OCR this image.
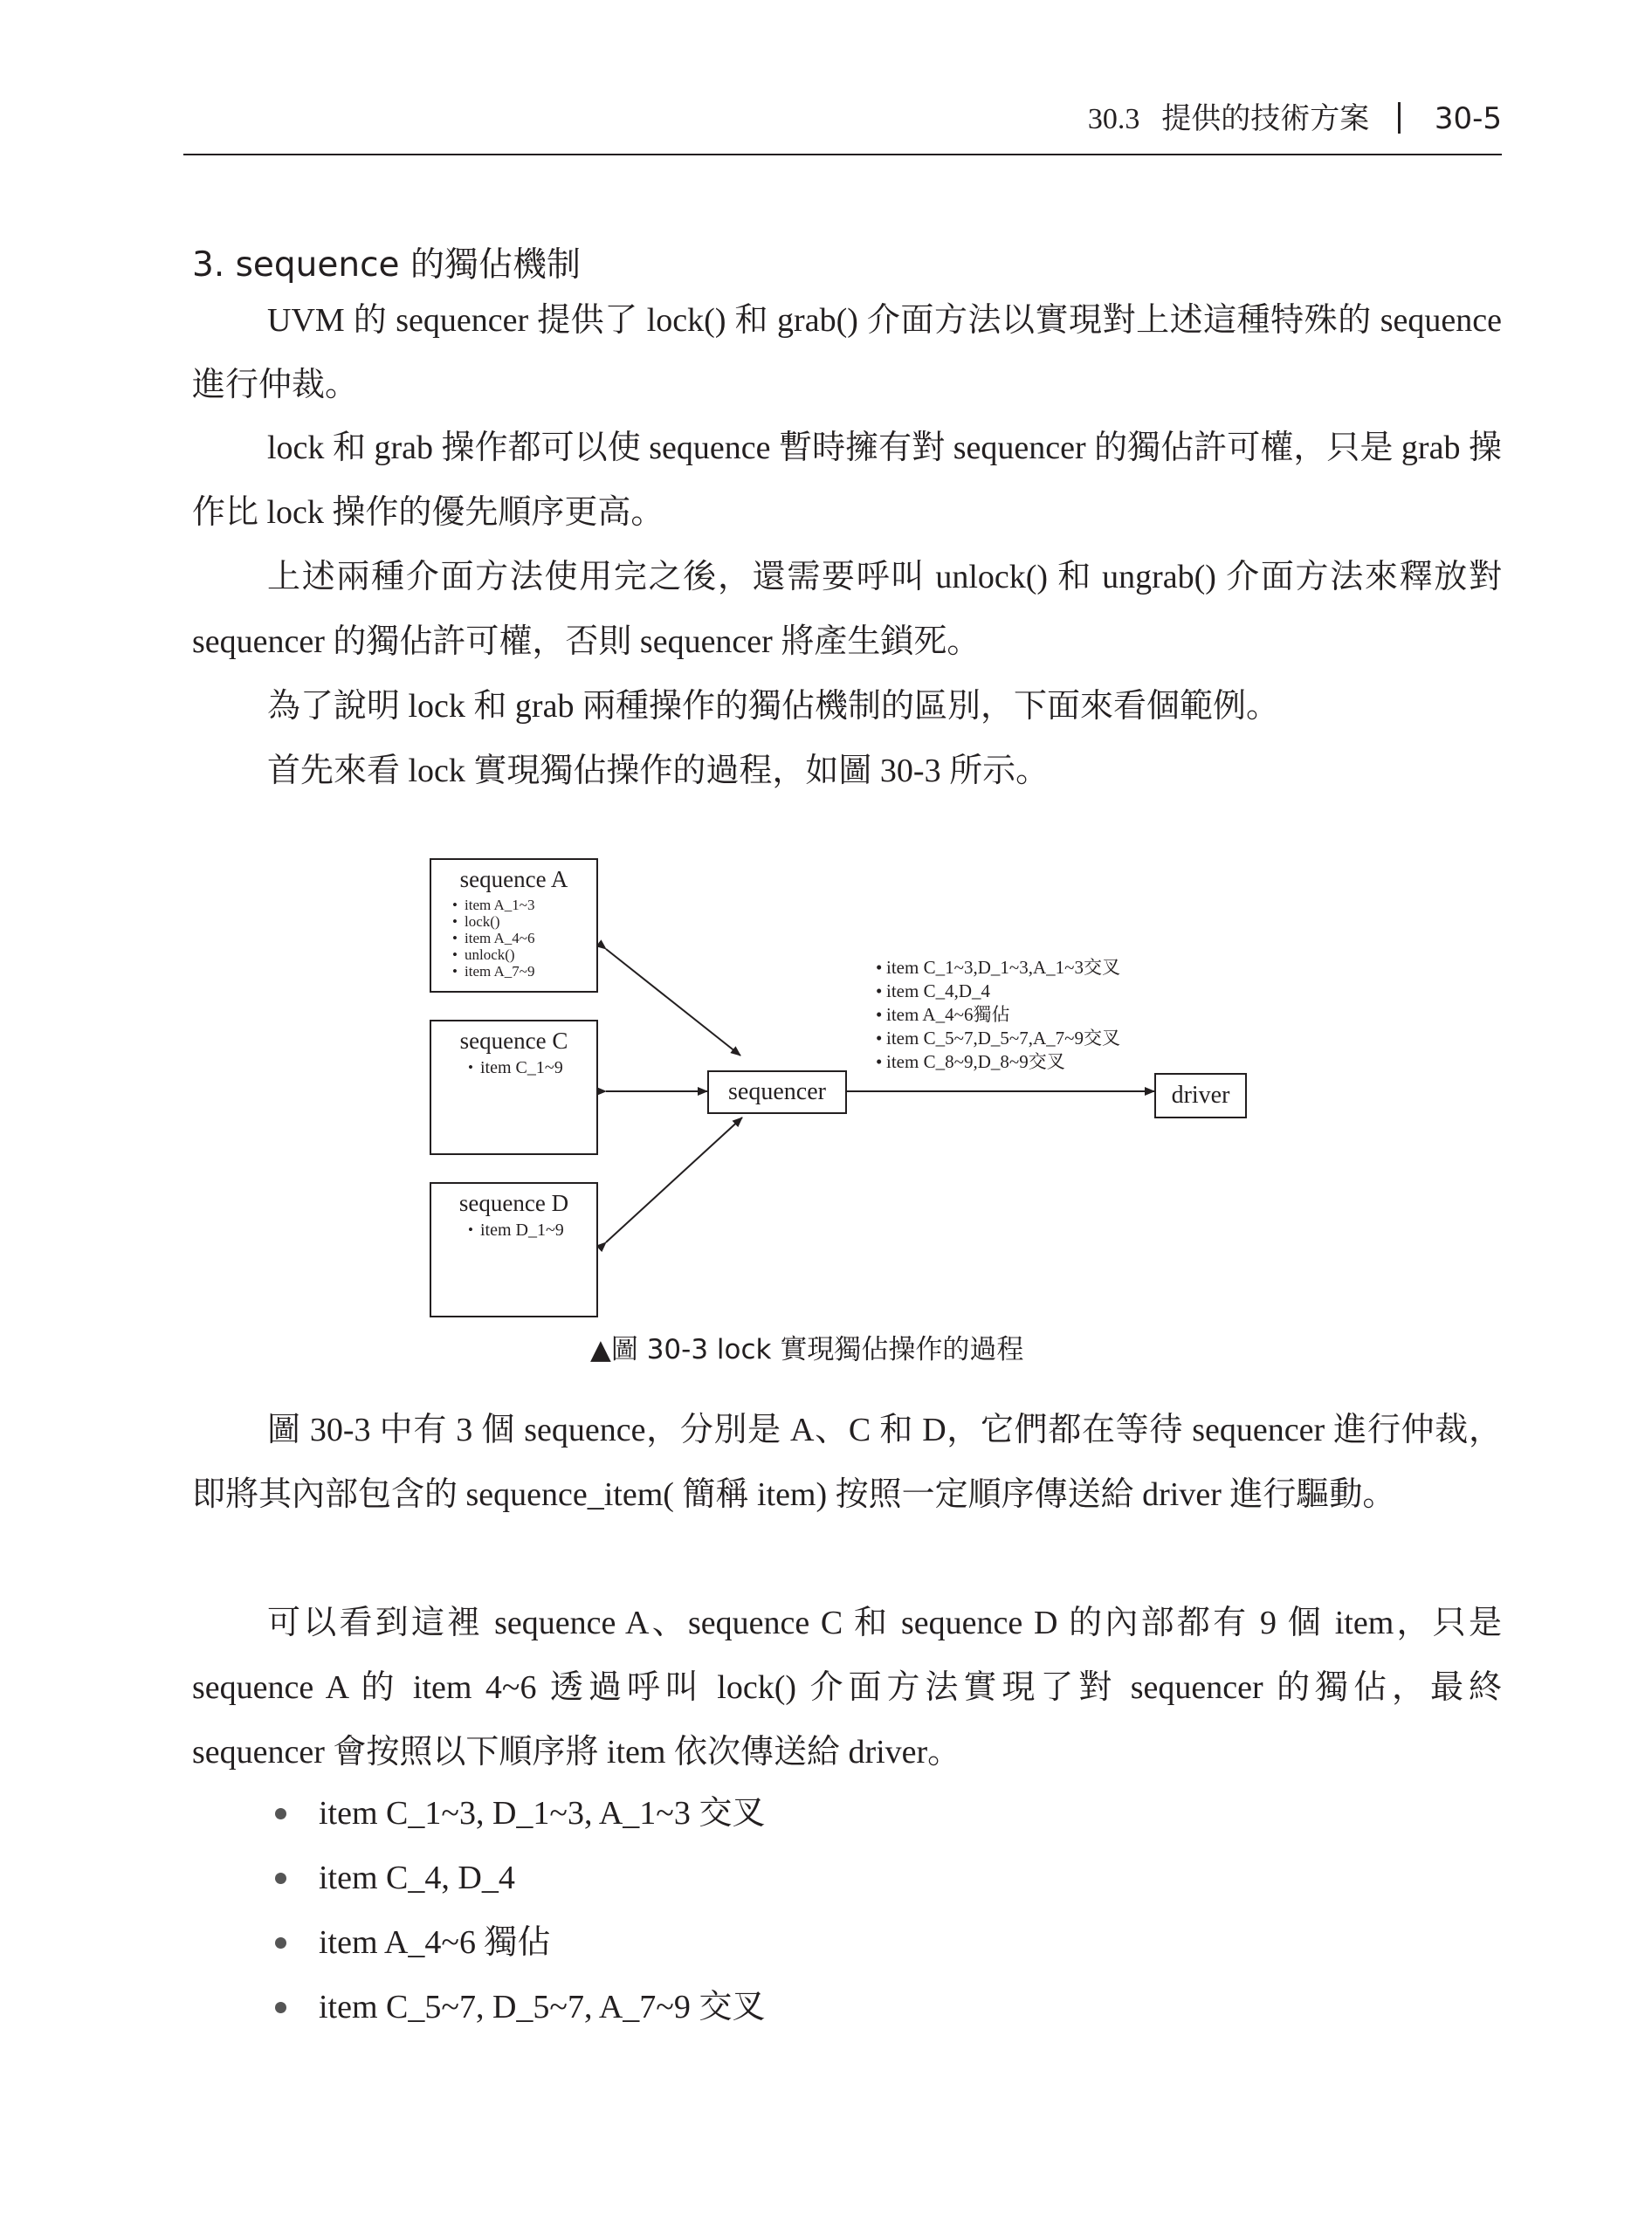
30.3 提供的技術方案 30-5
3. sequence 的獨佔機制

UVM 的 sequencer 提供了 lock() 和 grab() 介面方法以實現對上述這種特殊的 sequence 進行仲裁。

lock 和 grab 操作都可以使 sequence 暫時擁有對 sequencer 的獨佔許可權，只是 grab 操作比 lock 操作的優先順序更高。

上述兩種介面方法使用完之後，還需要呼叫 unlock() 和 ungrab() 介面方法來釋放對 sequencer 的獨佔許可權，否則 sequencer 將產生鎖死。

為了說明 lock 和 grab 兩種操作的獨佔機制的區別，下面來看個範例。

首先來看 lock 實現獨佔操作的過程，如圖 30-3 所示。

sequence A
• item A_1~3
• lock()
• item A_4~6
• unlock()
• item A_7~9
sequence C
• item C_1~9
sequence D
• item D_1~9
sequencer	driver
• item C_1~3,D_1~3,A_1~3交叉
• item C_4,D_4
• item A_4~6獨佔
• item C_5~7,D_5~7,A_7~9交叉
• item C_8~9,D_8~9交叉
▲圖 30-3 lock 實現獨佔操作的過程

圖 30-3 中有 3 個 sequence，分別是 A、C 和 D，它們都在等待 sequencer 進行仲裁，即將其內部包含的 sequence_item( 簡稱 item) 按照一定順序傳送給 driver 進行驅動。

可以看到這裡 sequence A、sequence C 和 sequence D 的內部都有 9 個 item，只是 sequence A 的 item 4~6 透過呼叫 lock() 介面方法實現了對 sequencer 的獨佔，最終 sequencer 會按照以下順序將 item 依次傳送給 driver。

item C_1~3, D_1~3, A_1~3 交叉
item C_4, D_4
item A_4~6 獨佔
item C_5~7, D_5~7, A_7~9 交叉
